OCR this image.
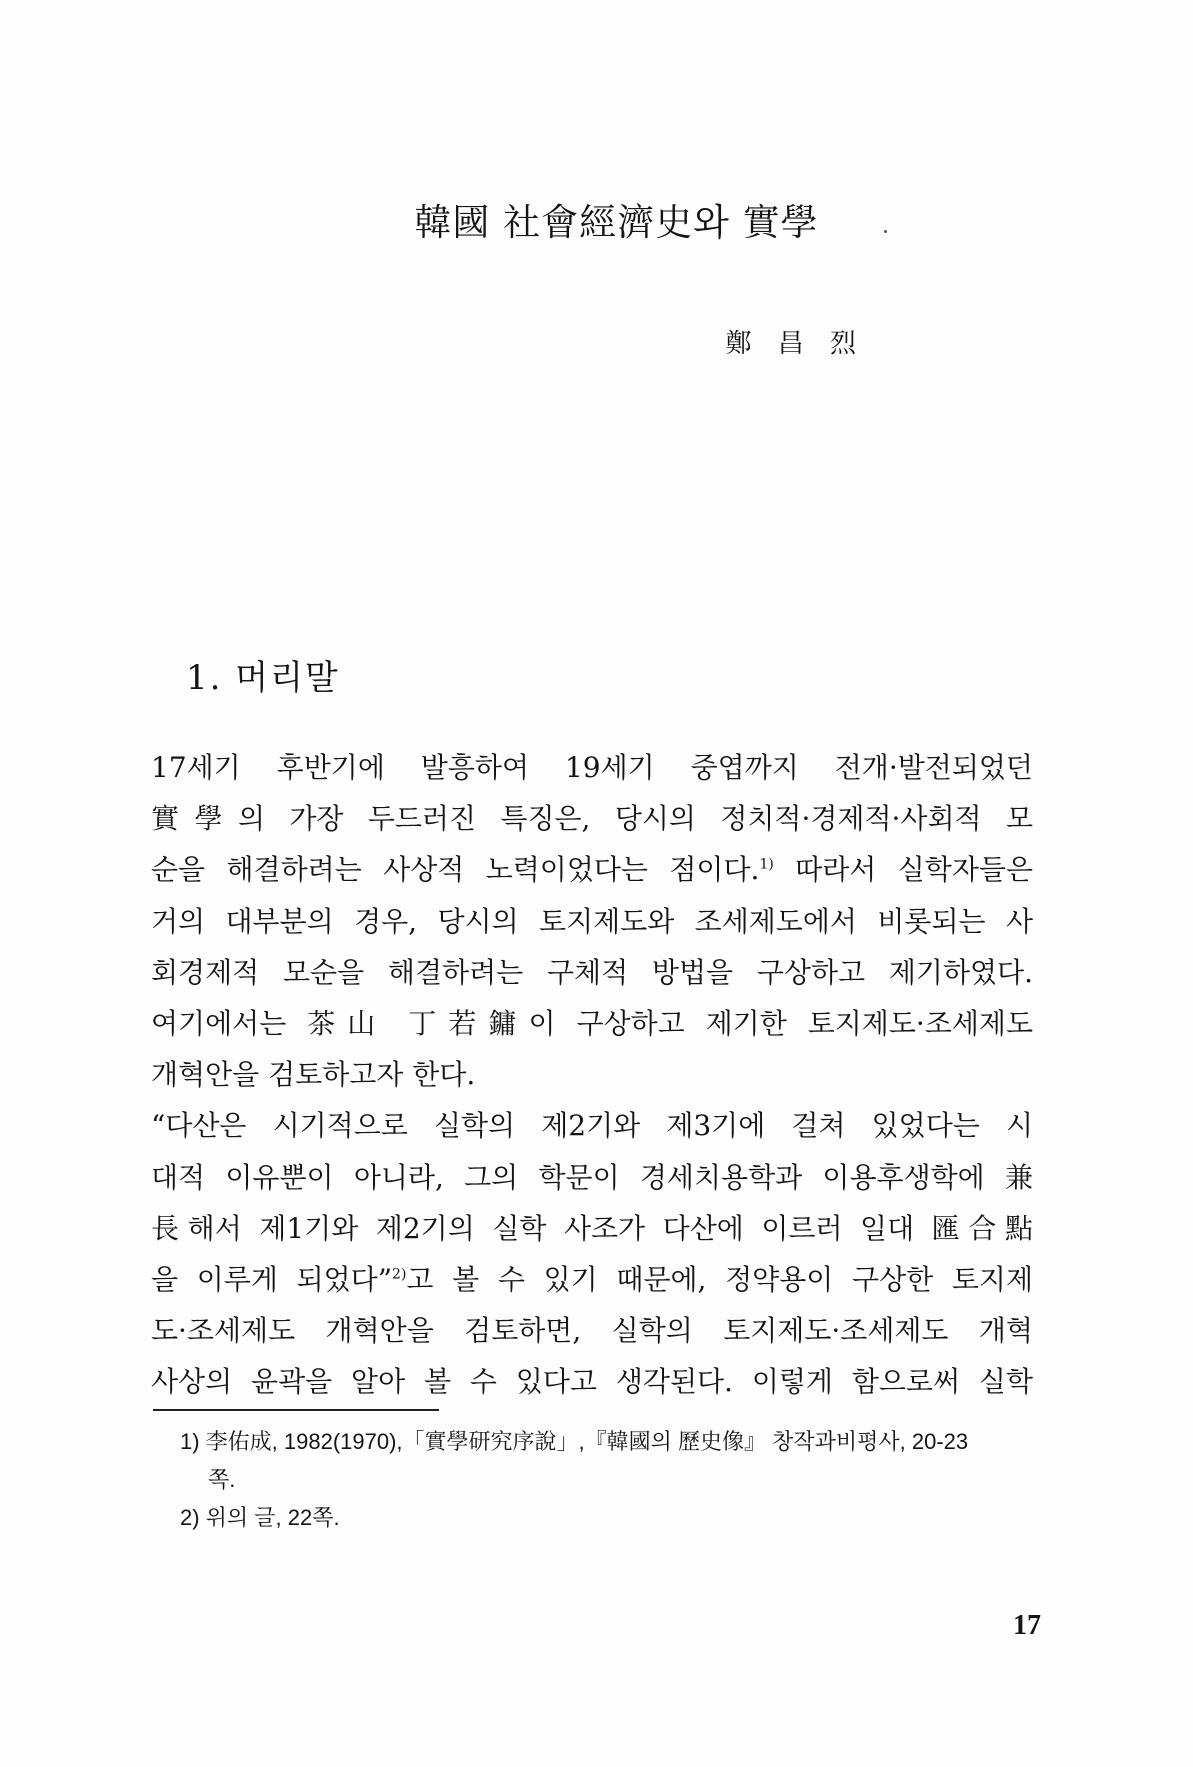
韓國 社會經濟史와 實學
鄭 昌 烈
1. 머리말
17세기 후반기에 발흥하여 19세기 중엽까지 전개·발전되었던
實學의 가장 두드러진 특징은, 당시의 정치적·경제적·사회적 모
순을 해결하려는 사상적 노력이었다는 점이다.$^{1)}$ 따라서 실학자들은
거의 대부분의 경우, 당시의 토지제도와 조세제도에서 비롯되는 사
회경제적 모순을 해결하려는 구체적 방법을 구상하고 제기하였다.
여기에서는 茶山 丁若鏞이 구상하고 제기한 토지제도·조세제도
개혁안을 검토하고자 한다.
“다산은 시기적으로 실학의 제2기와 제3기에 걸쳐 있었다는 시
대적 이유뿐이 아니라, 그의 학문이 경세치용학과 이용후생학에 兼
長해서 제1기와 제2기의 실학 사조가 다산에 이르러 일대 匯合點
을 이루게 되었다”$^{2)}$고 볼 수 있기 때문에, 정약용이 구상한 토지제
도·조세제도 개혁안을 검토하면, 실학의 토지제도·조세제도 개혁
사상의 윤곽을 알아 볼 수 있다고 생각된다. 이렇게 함으로써 실학
1) 李佑成, 1982(1970),「實學研究序說」,『韓國의 歷史像』 창작과비평사, 20-23
쪽.
2) 위의 글, 22쪽.
17
